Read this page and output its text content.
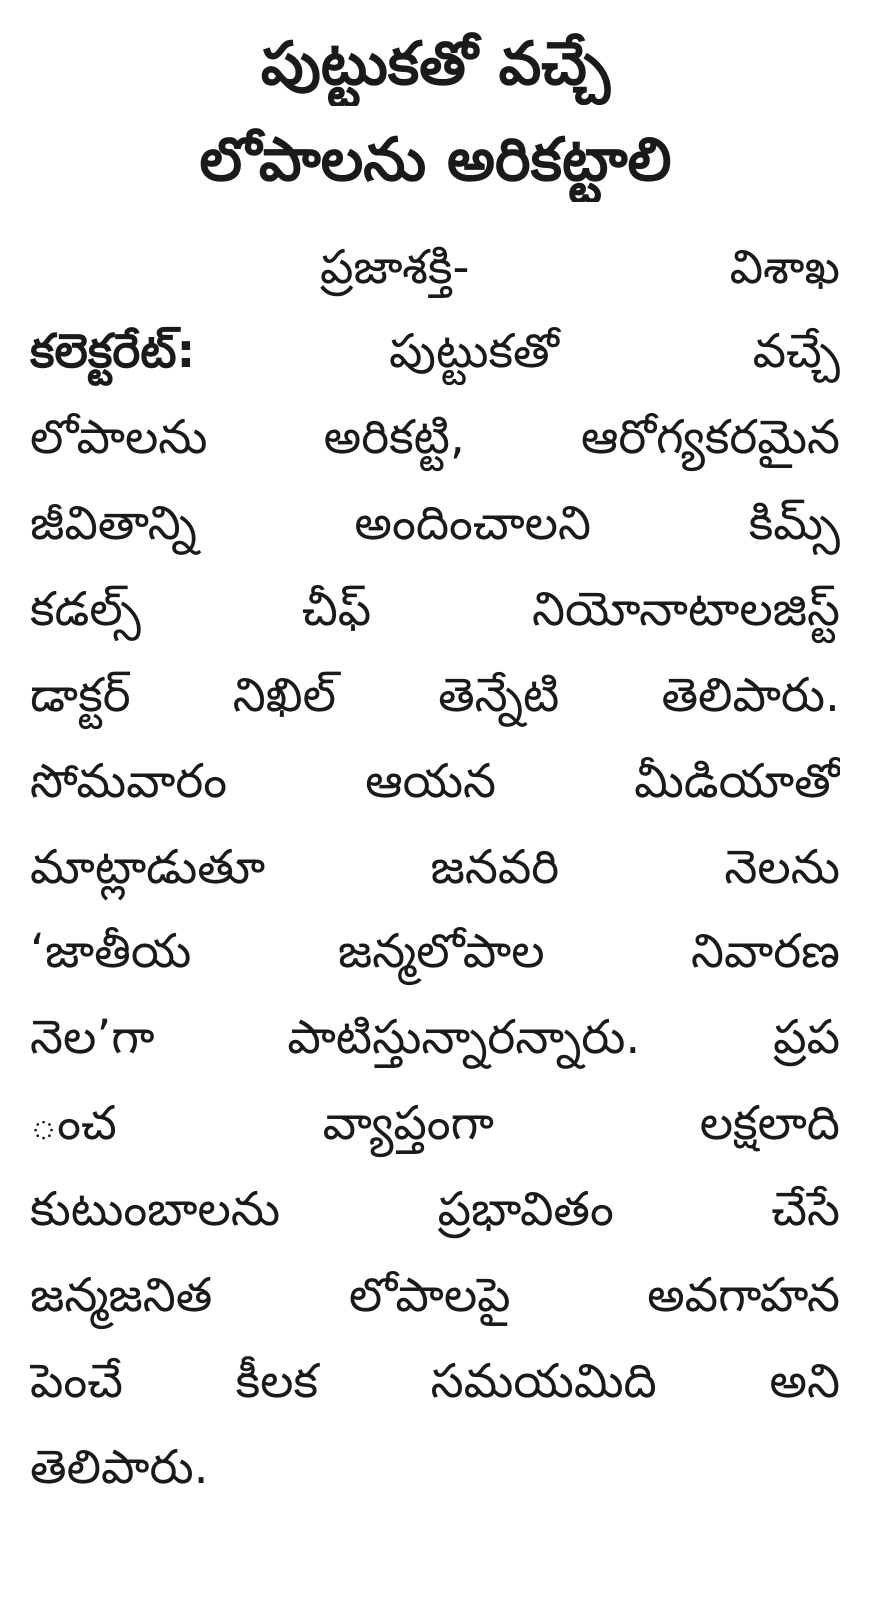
పుట్టుకతో వచ్చే
లోపాలను అరికట్టాలి
ప్రజాశక్తి-	విశాఖ
కలెక్టరేట్:	పుట్టుకతో	వచ్చే
లోపాలను అరికట్టి, ఆరోగ్యకరమైన
జీవితాన్ని	అందించాలని	కిమ్స్
కడల్స్	చీఫ్	నియోనాటాలజిస్ట్
డాక్టర్ నిఖిల్ తెన్నేటి తెలిపారు.
సోమవారం	ఆయన	మీడియాతో
మాట్లాడుతూ	జనవరి	నెలను
‘జాతీయ	జన్మలోపాల	నివారణ
నెల’గా	పాటిస్తున్నారన్నారు.	ప్రప
ంచ	వ్యాప్తంగా	లక్షలాది
కుటుంబాలను	ప్రభావితం	చేసే
జన్మజనిత	లోపాలపై	అవగాహన
పెంచే కీలక సమయమిది అని
తెలిపారు.
